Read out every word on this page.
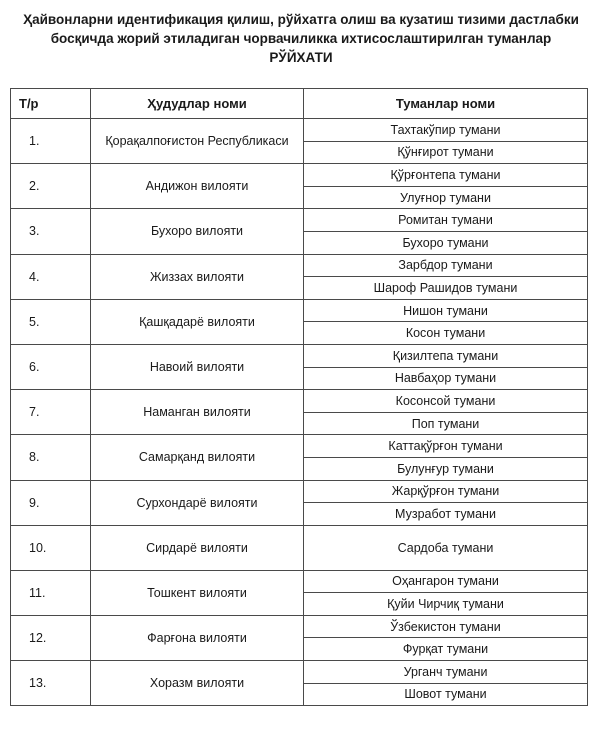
Ҳайвонларни идентификация қилиш, рўйхатга олиш ва кузатиш тизими дастлабки
босқичда жорий этиладиган чорвачиликка ихтисослаштирилган туманлар
РЎЙХАТИ
Т/р	Ҳудудлар номи	Туманлар номи
1.	Қорақалпоғистон Республикаси	Тахтакўпир тумани
		Қўнғирот тумани
2.	Андижон вилояти	Қўрғонтепа тумани
		Улуғнор тумани
3.	Бухоро вилояти	Ромитан тумани
		Бухоро тумани
4.	Жиззах вилояти	Зарбдор тумани
		Шароф Рашидов тумани
5.	Қашқадарё вилояти	Нишон тумани
		Косон тумани
6.	Навоий вилояти	Қизилтепа тумани
		Навбаҳор тумани
7.	Наманган вилояти	Косонсой тумани
		Поп тумани
8.	Самарқанд вилояти	Каттақўрғон тумани
		Булунғур тумани
9.	Сурхондарё вилояти	Жарқўрғон тумани
		Музработ тумани
10.	Сирдарё вилояти	Сардоба тумани
11.	Тошкент вилояти	Оҳангарон тумани
		Қуйи Чирчиқ тумани
12.	Фарғона вилояти	Ўзбекистон тумани
		Фурқат тумани
13.	Хоразм вилояти	Урганч тумани
		Шовот тумани
